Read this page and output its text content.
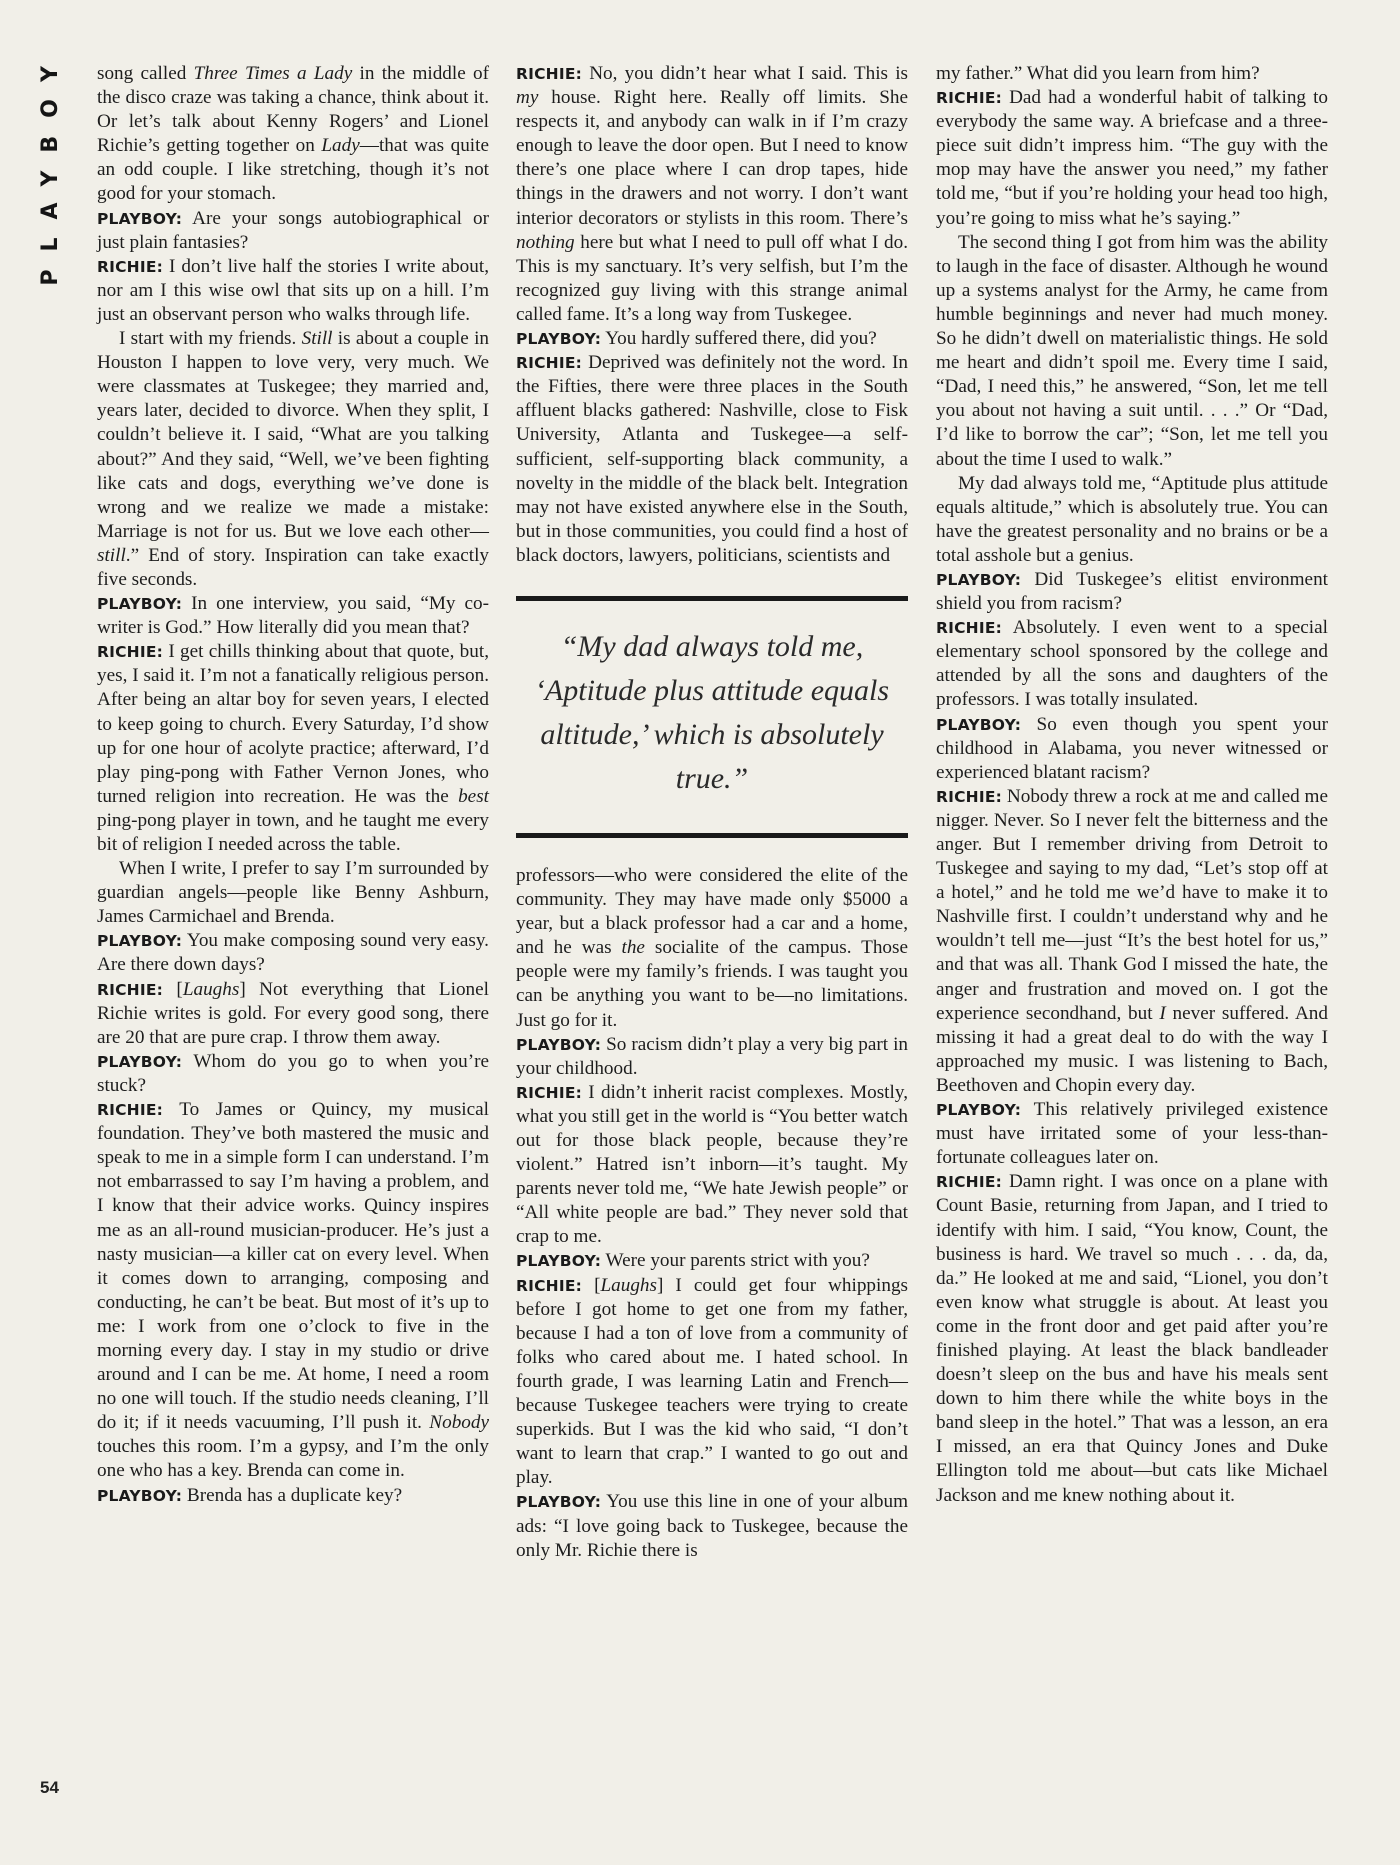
PLAYBOY song called Three Times a Lady in the middle of the disco craze was taking a chance, think about it. Or let’s talk about Kenny Rogers’ and Lionel Richie’s getting together on Lady—that was quite an odd couple. I like stretching, though it’s not good for your stomach.

PLAYBOY: Are your songs autobiographical or just plain fantasies?

RICHIE: I don’t live half the stories I write about, nor am I this wise owl that sits up on a hill. I’m just an observant person who walks through life.

I start with my friends. Still is about a couple in Houston I happen to love very, very much. We were classmates at Tuskegee; they married and, years later, decided to divorce. When they split, I couldn’t believe it. I said, “What are you talking about?” And they said, “Well, we’ve been fighting like cats and dogs, everything we’ve done is wrong and we realize we made a mistake: Marriage is not for us. But we love each other—still.” End of story. Inspiration can take exactly five seconds.

PLAYBOY: In one interview, you said, “My co-writer is God.” How literally did you mean that?

RICHIE: I get chills thinking about that quote, but, yes, I said it. I’m not a fanatically religious person. After being an altar boy for seven years, I elected to keep going to church. Every Saturday, I’d show up for one hour of acolyte practice; afterward, I’d play ping-pong with Father Vernon Jones, who turned religion into recreation. He was the best ping-pong player in town, and he taught me every bit of religion I needed across the table.

When I write, I prefer to say I’m surrounded by guardian angels—people like Benny Ashburn, James Carmichael and Brenda.

PLAYBOY: You make composing sound very easy. Are there down days?

RICHIE: [Laughs] Not everything that Lionel Richie writes is gold. For every good song, there are 20 that are pure crap. I throw them away.

PLAYBOY: Whom do you go to when you’re stuck?

RICHIE: To James or Quincy, my musical foundation. They’ve both mastered the music and speak to me in a simple form I can understand. I’m not embarrassed to say I’m having a problem, and I know that their advice works. Quincy inspires me as an all-round musician-producer. He’s just a nasty musician—a killer cat on every level. When it comes down to arranging, composing and conducting, he can’t be beat. But most of it’s up to me: I work from one o’clock to five in the morning every day. I stay in my studio or drive around and I can be me. At home, I need a room no one will touch. If the studio needs cleaning, I’ll do it; if it needs vacuuming, I’ll push it. Nobody touches this room. I’m a gypsy, and I’m the only one who has a key. Brenda can come in.

PLAYBOY: Brenda has a duplicate key?

RICHIE: No, you didn’t hear what I said. This is my house. Right here. Really off limits. She respects it, and anybody can walk in if I’m crazy enough to leave the door open. But I need to know there’s one place where I can drop tapes, hide things in the drawers and not worry. I don’t want interior decorators or stylists in this room. There’s nothing here but what I need to pull off what I do. This is my sanctuary. It’s very selfish, but I’m the recognized guy living with this strange animal called fame. It’s a long way from Tuskegee.

PLAYBOY: You hardly suffered there, did you?

RICHIE: Deprived was definitely not the word. In the Fifties, there were three places in the South affluent blacks gathered: Nashville, close to Fisk University, Atlanta and Tuskegee—a self-sufficient, self-supporting black community, a novelty in the middle of the black belt. Integration may not have existed anywhere else in the South, but in those communities, you could find a host of black doctors, lawyers, politicians, scientists and

“My dad always told me, ‘Aptitude plus attitude equals altitude,’ which is absolutely true.”

professors—who were considered the elite of the community. They may have made only $5000 a year, but a black professor had a car and a home, and he was the socialite of the campus. Those people were my family’s friends. I was taught you can be anything you want to be—no limitations. Just go for it.

PLAYBOY: So racism didn’t play a very big part in your childhood.

RICHIE: I didn’t inherit racist complexes. Mostly, what you still get in the world is “You better watch out for those black people, because they’re violent.” Hatred isn’t inborn—it’s taught. My parents never told me, “We hate Jewish people” or “All white people are bad.” They never sold that crap to me.

PLAYBOY: Were your parents strict with you?

RICHIE: [Laughs] I could get four whippings before I got home to get one from my father, because I had a ton of love from a community of folks who cared about me. I hated school. In fourth grade, I was learning Latin and French—because Tuskegee teachers were trying to create superkids. But I was the kid who said, “I don’t want to learn that crap.” I wanted to go out and play.

PLAYBOY: You use this line in one of your album ads: “I love going back to Tuskegee, because the only Mr. Richie there is

my father.” What did you learn from him?

RICHIE: Dad had a wonderful habit of talking to everybody the same way. A briefcase and a three-piece suit didn’t impress him. “The guy with the mop may have the answer you need,” my father told me, “but if you’re holding your head too high, you’re going to miss what he’s saying.”

The second thing I got from him was the ability to laugh in the face of disaster. Although he wound up a systems analyst for the Army, he came from humble beginnings and never had much money. So he didn’t dwell on materialistic things. He sold me heart and didn’t spoil me. Every time I said, “Dad, I need this,” he answered, “Son, let me tell you about not having a suit until. . . .” Or “Dad, I’d like to borrow the car”; “Son, let me tell you about the time I used to walk.”

My dad always told me, “Aptitude plus attitude equals altitude,” which is absolutely true. You can have the greatest personality and no brains or be a total asshole but a genius.

PLAYBOY: Did Tuskegee’s elitist environment shield you from racism?

RICHIE: Absolutely. I even went to a special elementary school sponsored by the college and attended by all the sons and daughters of the professors. I was totally insulated.

PLAYBOY: So even though you spent your childhood in Alabama, you never witnessed or experienced blatant racism?

RICHIE: Nobody threw a rock at me and called me nigger. Never. So I never felt the bitterness and the anger. But I remember driving from Detroit to Tuskegee and saying to my dad, “Let’s stop off at a hotel,” and he told me we’d have to make it to Nashville first. I couldn’t understand why and he wouldn’t tell me—just “It’s the best hotel for us,” and that was all. Thank God I missed the hate, the anger and frustration and moved on. I got the experience secondhand, but I never suffered. And missing it had a great deal to do with the way I approached my music. I was listening to Bach, Beethoven and Chopin every day.

PLAYBOY: This relatively privileged existence must have irritated some of your less-than-fortunate colleagues later on.

RICHIE: Damn right. I was once on a plane with Count Basie, returning from Japan, and I tried to identify with him. I said, “You know, Count, the business is hard. We travel so much . . . da, da, da.” He looked at me and said, “Lionel, you don’t even know what struggle is about. At least you come in the front door and get paid after you’re finished playing. At least the black bandleader doesn’t sleep on the bus and have his meals sent down to him there while the white boys in the band sleep in the hotel.” That was a lesson, an era I missed, an era that Quincy Jones and Duke Ellington told me about—but cats like Michael Jackson and me knew nothing about it.

54
